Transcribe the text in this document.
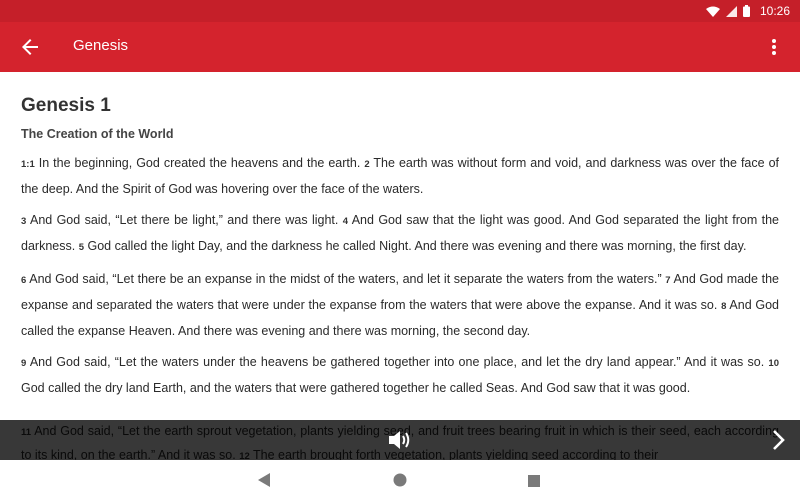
10:26
Genesis
Genesis 1
The Creation of the World

1:1 In the beginning, God created the heavens and the earth. 2 The earth was without form and void, and darkness was over the face of the deep. And the Spirit of God was hovering over the face of the waters.

3 And God said, “Let there be light,” and there was light. 4 And God saw that the light was good. And God separated the light from the darkness. 5 God called the light Day, and the darkness he called Night. And there was evening and there was morning, the first day.

6 And God said, “Let there be an expanse in the midst of the waters, and let it separate the waters from the waters.” 7 And God made the expanse and separated the waters that were under the expanse from the waters that were above the expanse. And it was so. 8 And God called the expanse Heaven. And there was evening and there was morning, the second day.

9 And God said, “Let the waters under the heavens be gathered together into one place, and let the dry land appear.” And it was so. 10 God called the dry land Earth, and the waters that were gathered together he called Seas. And God saw that it was good.
